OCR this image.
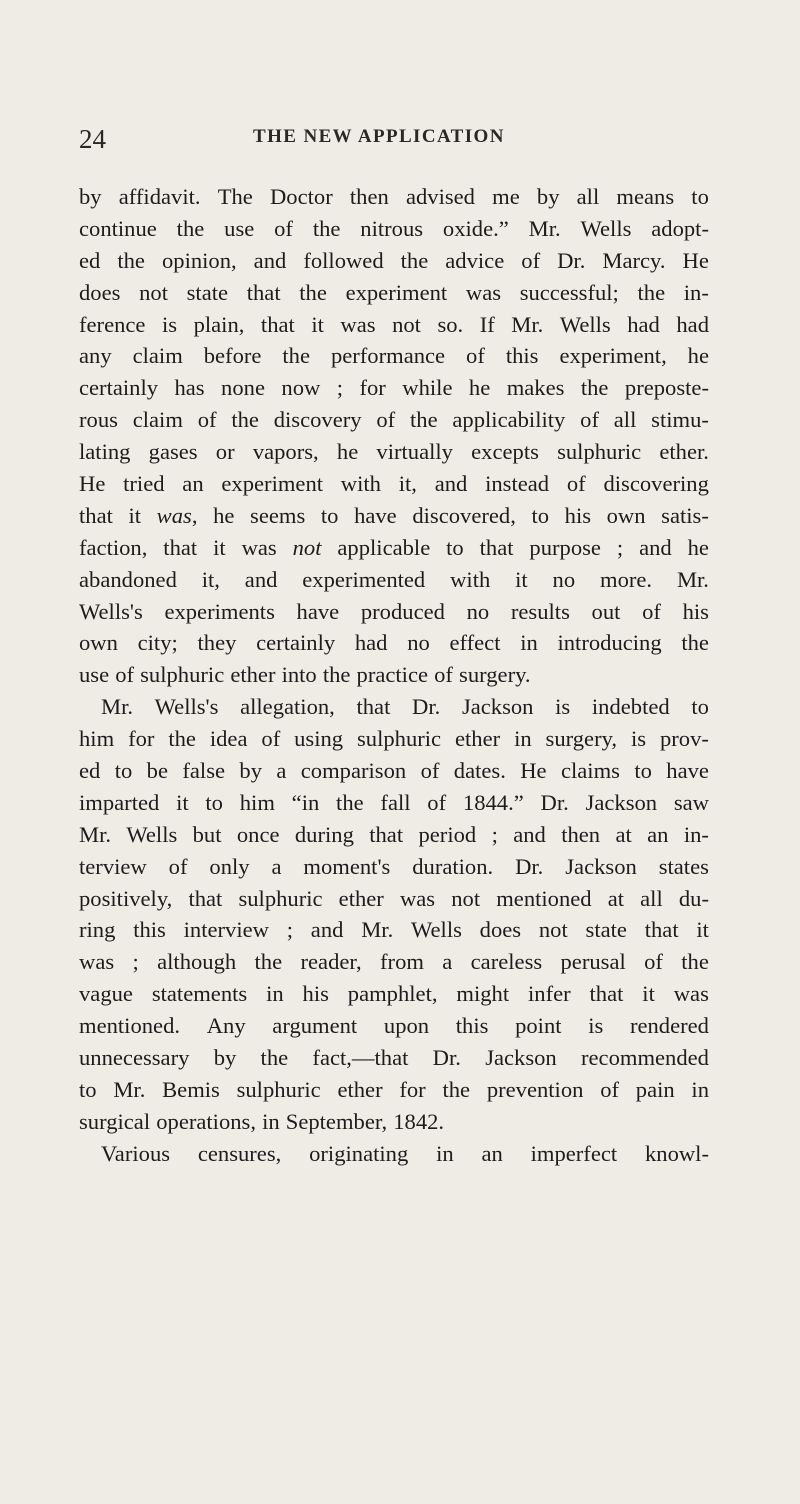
24	THE NEW APPLICATION
by affidavit. The Doctor then advised me by all means to
continue the use of the nitrous oxide.” Mr. Wells adopt-
ed the opinion, and followed the advice of Dr. Marcy. He
does not state that the experiment was successful; the in-
ference is plain, that it was not so. If Mr. Wells had had
any claim before the performance of this experiment, he
certainly has none now ; for while he makes the preposte-
rous claim of the discovery of the applicability of all stimu-
lating gases or vapors, he virtually excepts sulphuric ether.
He tried an experiment with it, and instead of discovering
that it was, he seems to have discovered, to his own satis-
faction, that it was not applicable to that purpose ; and he
abandoned it, and experimented with it no more. Mr.
Wells's experiments have produced no results out of his
own city; they certainly had no effect in introducing the
use of sulphuric ether into the practice of surgery.
Mr. Wells's allegation, that Dr. Jackson is indebted to
him for the idea of using sulphuric ether in surgery, is prov-
ed to be false by a comparison of dates. He claims to have
imparted it to him “in the fall of 1844.” Dr. Jackson saw
Mr. Wells but once during that period ; and then at an in-
terview of only a moment's duration. Dr. Jackson states
positively, that sulphuric ether was not mentioned at all du-
ring this interview ; and Mr. Wells does not state that it
was ; although the reader, from a careless perusal of the
vague statements in his pamphlet, might infer that it was
mentioned. Any argument upon this point is rendered
unnecessary by the fact,—that Dr. Jackson recommended
to Mr. Bemis sulphuric ether for the prevention of pain in
surgical operations, in September, 1842.
Various censures, originating in an imperfect knowl-
